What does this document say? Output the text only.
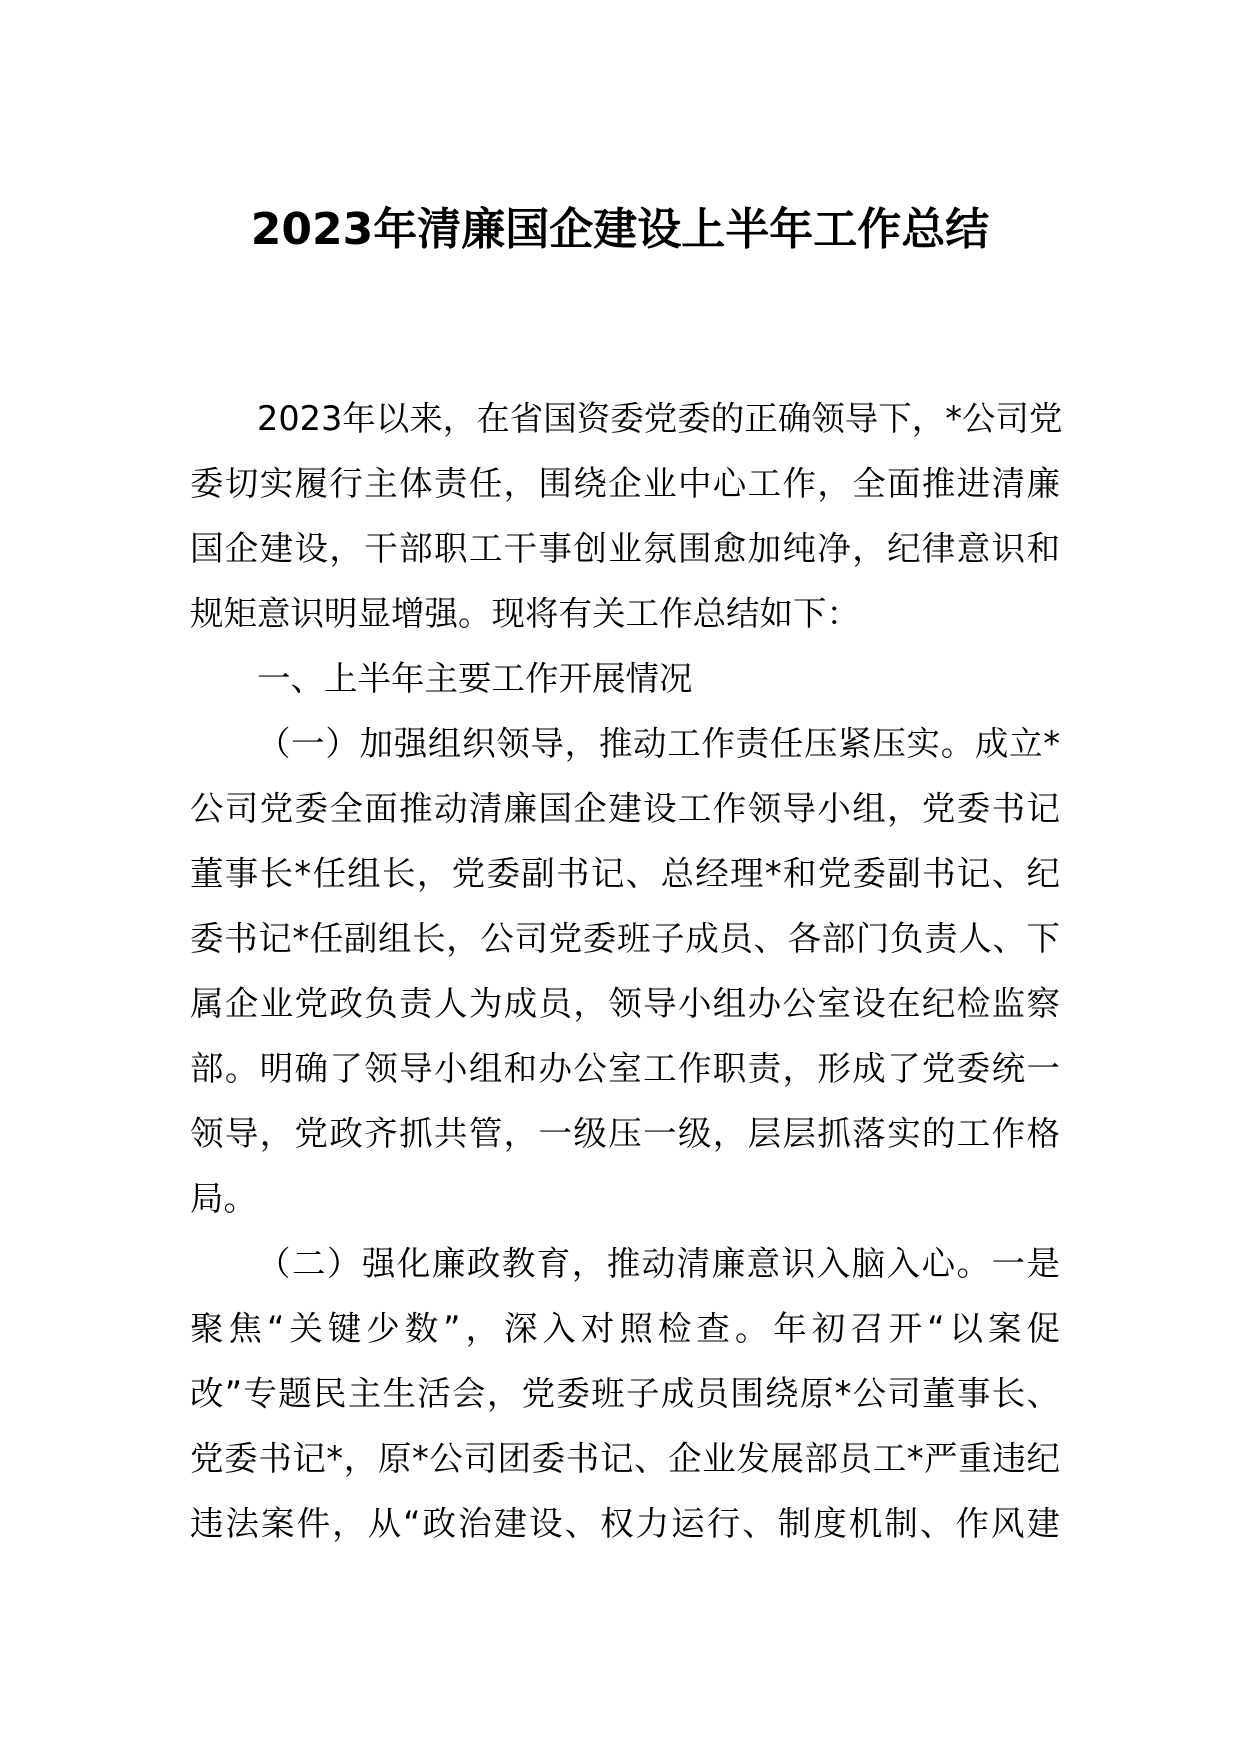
2023年清廉国企建设上半年工作总结
2023年以来，在省国资委党委的正确领导下，*公司党
委切实履行主体责任，围绕企业中心工作，全面推进清廉
国企建设，干部职工干事创业氛围愈加纯净，纪律意识和
规矩意识明显增强。现将有关工作总结如下：
一、上半年主要工作开展情况
（一）加强组织领导，推动工作责任压紧压实。成立*
公司党委全面推动清廉国企建设工作领导小组，党委书记
董事长*任组长，党委副书记、总经理*和党委副书记、纪
委书记*任副组长，公司党委班子成员、各部门负责人、下
属企业党政负责人为成员，领导小组办公室设在纪检监察
部。明确了领导小组和办公室工作职责，形成了党委统一
领导，党政齐抓共管，一级压一级，层层抓落实的工作格
局。
（二）强化廉政教育，推动清廉意识入脑入心。一是
聚焦“关键少数”，深入对照检查。年初召开“以案促
改”专题民主生活会，党委班子成员围绕原*公司董事长、
党委书记*，原*公司团委书记、企业发展部员工*严重违纪
违法案件，从“政治建设、权力运行、制度机制、作风建
